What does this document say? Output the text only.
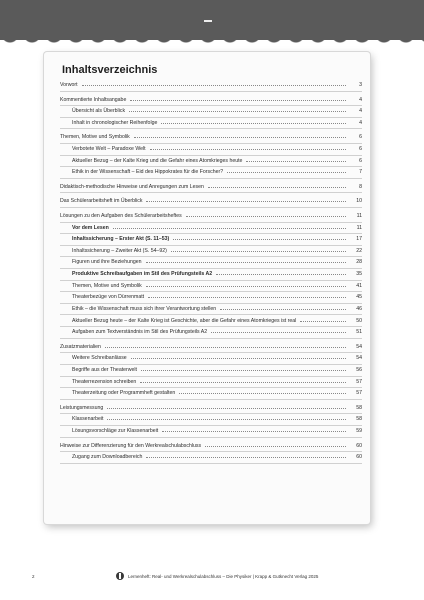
Inhaltsverzeichnis
Vorwort	3
Kommentierte Inhaltsangabe	4
Übersicht als Überblick	4
Inhalt in chronologischer Reihenfolge	4
Themen, Motive und Symbolik	6
Verbotete Welt – Paradoxe Welt	6
Aktueller Bezug – der Kalte Krieg und die Gefahr eines Atomkrieges heute	6
Ethik in der Wissenschaft – Eid des Hippokrates für die Forscher?	7
Didaktisch-methodische Hinweise und Anregungen zum Lesen	8
Das Schülerarbeitsheft im Überblick	10
Lösungen zu den Aufgaben des Schülerarbeitsheftes	11
Vor dem Lesen	11
Inhaltssicherung – Erster Akt (S. 11–53)	17
Inhaltssicherung – Zweiter Akt (S. 54–92)	22
Figuren und ihre Beziehungen	28
Produktive Schreibaufgaben im Stil des Prüfungsteils A2	35
Themen, Motive und Symbolik	41
Theaterbezüge von Dürrenmatt	45
Ethik – die Wissenschaft muss sich ihrer Verantwortung stellen	46
Aktueller Bezug heute – der Kalte Krieg ist Geschichte, aber die Gefahr eines Atomkrieges ist real	50
Aufgaben zum Textverständnis im Stil des Prüfungsteils A2	51
Zusatzmaterialien	54
Weitere Schreibanlässe	54
Begriffe aus der Theaterwelt	56
Theaterrezension schreiben	57
Theaterzeitung oder Programmheft gestalten	57
Leistungsmessung	58
Klassenarbeit	58
Lösungsvorschläge zur Klassenarbeit	59
Hinweise zur Differenzierung für den Werkrealschulabschluss	60
Zugang zum Downloadbereich	60
2	Lernenheft: Real- und Werkrealschulabschluss – Die Physiker | Krapp & Gutknecht Verlag 2025
